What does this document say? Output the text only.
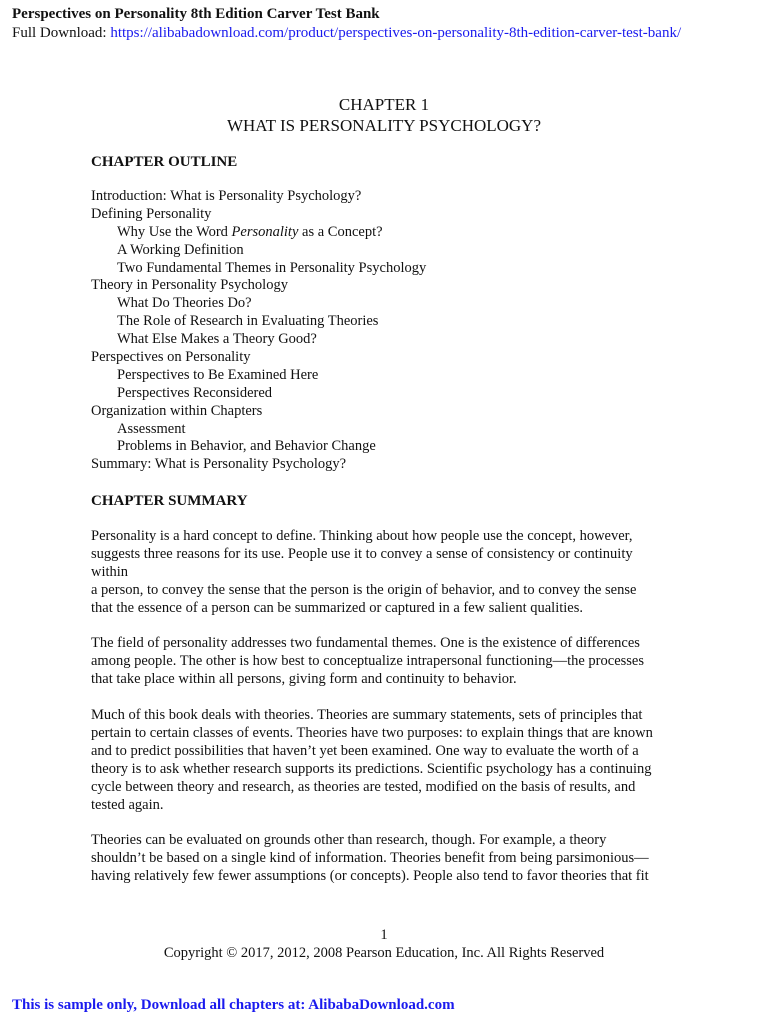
Perspectives on Personality 8th Edition Carver Test Bank
Full Download: https://alibabadownload.com/product/perspectives-on-personality-8th-edition-carver-test-bank/
CHAPTER 1
WHAT IS PERSONALITY PSYCHOLOGY?
CHAPTER OUTLINE
Introduction: What is Personality Psychology?
Defining Personality
Why Use the Word Personality as a Concept?
A Working Definition
Two Fundamental Themes in Personality Psychology
Theory in Personality Psychology
What Do Theories Do?
The Role of Research in Evaluating Theories
What Else Makes a Theory Good?
Perspectives on Personality
Perspectives to Be Examined Here
Perspectives Reconsidered
Organization within Chapters
Assessment
Problems in Behavior, and Behavior Change
Summary: What is Personality Psychology?
CHAPTER SUMMARY

Personality is a hard concept to define. Thinking about how people use the concept, however,
suggests three reasons for its use. People use it to convey a sense of consistency or continuity
within
a person, to convey the sense that the person is the origin of behavior, and to convey the sense
that the essence of a person can be summarized or captured in a few salient qualities.

The field of personality addresses two fundamental themes. One is the existence of differences
among people. The other is how best to conceptualize intrapersonal functioning—the processes
that take place within all persons, giving form and continuity to behavior.

Much of this book deals with theories. Theories are summary statements, sets of principles that
pertain to certain classes of events. Theories have two purposes: to explain things that are known
and to predict possibilities that haven’t yet been examined. One way to evaluate the worth of a
theory is to ask whether research supports its predictions. Scientific psychology has a continuing
cycle between theory and research, as theories are tested, modified on the basis of results, and
tested again.

Theories can be evaluated on grounds other than research, though. For example, a theory
shouldn’t be based on a single kind of information. Theories benefit from being parsimonious—
having relatively few fewer assumptions (or concepts). People also tend to favor theories that fit

1
Copyright © 2017, 2012, 2008 Pearson Education, Inc. All Rights Reserved
This is sample only, Download all chapters at: AlibabaDownload.com
